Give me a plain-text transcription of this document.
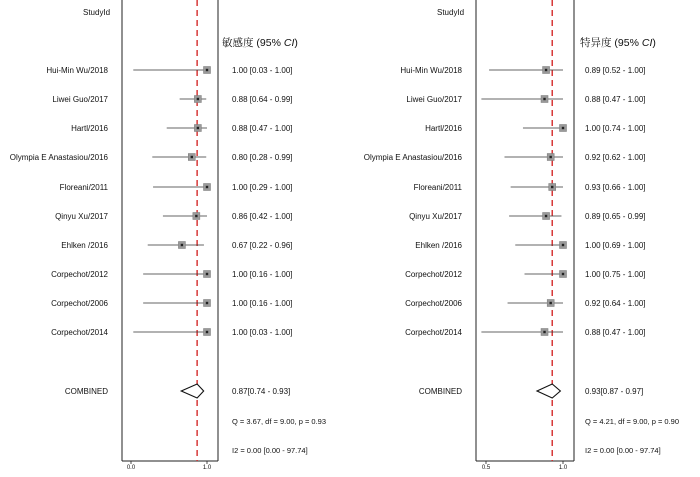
StudyId
敏感度 (95% CI)
0.0	1.0
Hui-Min Wu/2018	1.00 [0.03 - 1.00]
Liwei Guo/2017	0.88 [0.64 - 0.99]
Hartl/2016	0.88 [0.47 - 1.00]
Olympia E Anastasiou/2016	0.80 [0.28 - 0.99]
Floreani/2011	1.00 [0.29 - 1.00]
Qinyu Xu/2017	0.86 [0.42 - 1.00]
Ehlken /2016	0.67 [0.22 - 0.96]
Corpechot/2012	1.00 [0.16 - 1.00]
Corpechot/2006	1.00 [0.16 - 1.00]
Corpechot/2014	1.00 [0.03 - 1.00]
COMBINED	0.87[0.74 - 0.93]
Q = 3.67, df = 9.00, p = 0.93
I2 = 0.00 [0.00 - 97.74]
StudyId
特异度 (95% CI)
0.5	1.0
Hui-Min Wu/2018	0.89 [0.52 - 1.00]
Liwei Guo/2017	0.88 [0.47 - 1.00]
Hartl/2016	1.00 [0.74 - 1.00]
Olympia E Anastasiou/2016	0.92 [0.62 - 1.00]
Floreani/2011	0.93 [0.66 - 1.00]
Qinyu Xu/2017	0.89 [0.65 - 0.99]
Ehlken /2016	1.00 [0.69 - 1.00]
Corpechot/2012	1.00 [0.75 - 1.00]
Corpechot/2006	0.92 [0.64 - 1.00]
Corpechot/2014	0.88 [0.47 - 1.00]
COMBINED	0.93[0.87 - 0.97]
Q = 4.21, df = 9.00, p = 0.90
I2 = 0.00 [0.00 - 97.74]
